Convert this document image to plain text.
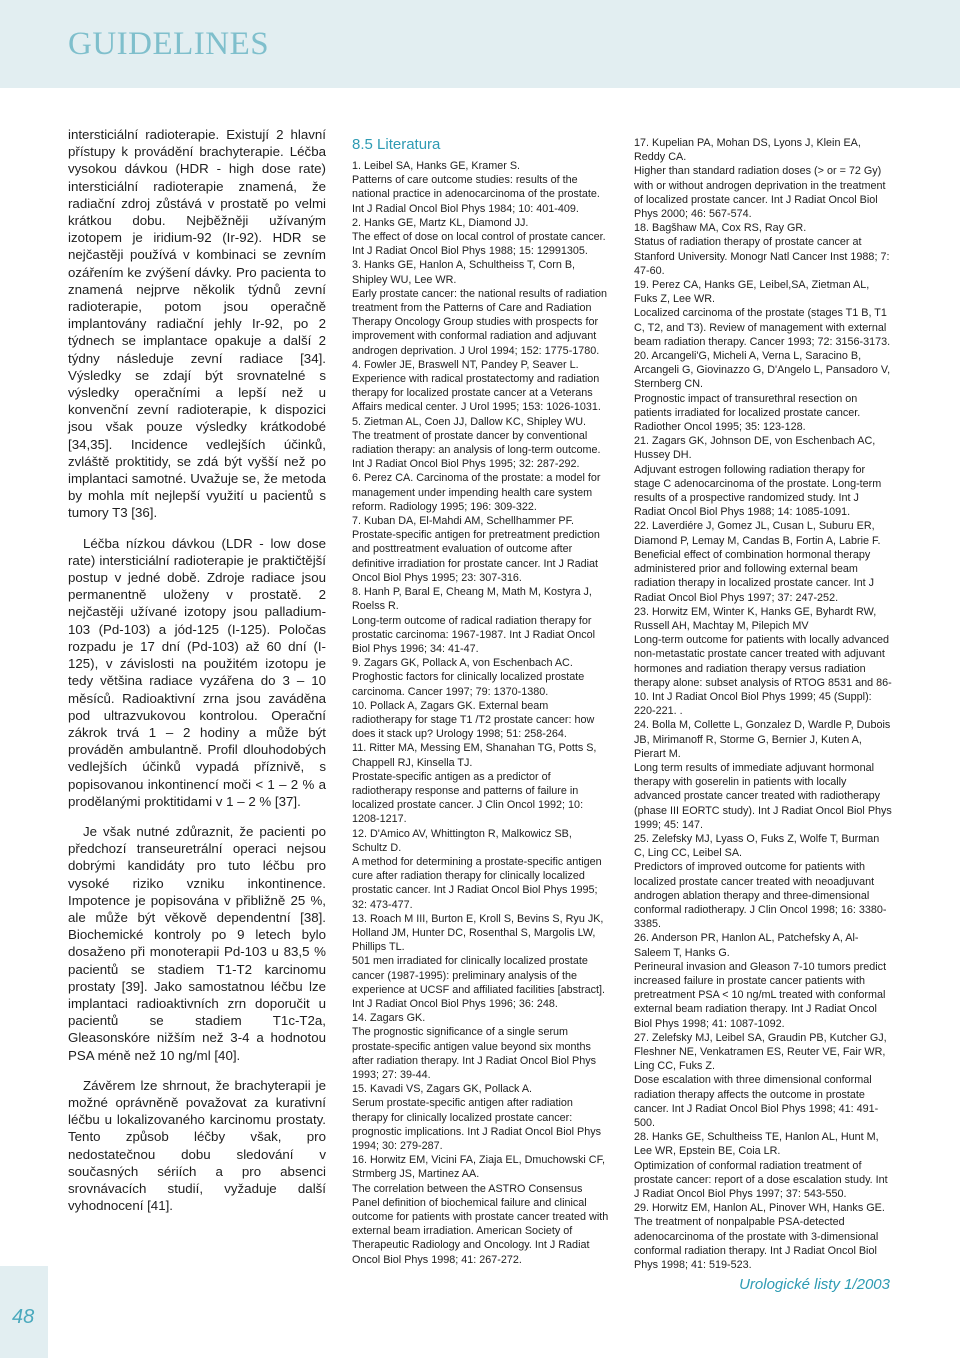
GUIDELINES

intersticiální radioterapie. Existují 2 hlavní přístupy k provádění brachyterapie. Léčba vysokou dávkou (HDR - high dose rate) intersticiální radioterapie znamená, že radiační zdroj zůstává v prostatě po velmi krátkou dobu. Nejběžněji užívaným izotopem je iridium-92 (Ir-92). HDR se nejčastěji používá v kombinaci se zevním ozářením ke zvýšení dávky. Pro pacienta to znamená nejprve několik týdnů zevní radioterapie, potom jsou operačně implantovány radiační jehly Ir-92, po 2 týdnech se implantace opakuje a další 2 týdny následuje zevní radiace [34]. Výsledky se zdají být srovnatelné s výsledky operačními a lepší než u konvenční zevní radioterapie, k dispozici jsou však pouze výsledky krátkodobé [34,35]. Incidence vedlejších účinků, zvláště proktitidy, se zdá být vyšší než po implantaci samotné. Uvažuje se, že metoda by mohla mít nejlepší využití u pacientů s tumory T3 [36].

Léčba nízkou dávkou (LDR - low dose rate) intersticiální radioterapie je praktičtější postup v jedné době. Zdroje radiace jsou permanentně uloženy v prostatě. 2 nejčastěji užívané izotopy jsou palladium-103 (Pd-103) a jód-125 (I-125). Poločas rozpadu je 17 dní (Pd-103) až 60 dní (I-125), v závislosti na použitém izotopu je tedy většina radiace vyzářena do 3 – 10 měsíců. Radioaktivní zrna jsou zaváděna pod ultrazvukovou kontrolou. Operační zákrok trvá 1 – 2 hodiny a může být prováděn ambulantně. Profil dlouhodobých vedlejších účinků vypadá příznivě, s popisovanou inkontinencí moči < 1 – 2 % a prodělanými proktitidami v 1 – 2 % [37].

Je však nutné zdůraznit, že pacienti po předchozí transeuretrální operaci nejsou dobrými kandidáty pro tuto léčbu pro vysoké riziko vzniku inkontinence. Impotence je popisována v přibližně 25 %, ale může být věkově dependentní [38]. Biochemické kontroly po 9 letech bylo dosaženo při monoterapii Pd-103 u 83,5 % pacientů se stadiem T1-T2 karcinomu prostaty [39]. Jako samostatnou léčbu lze implantaci radioaktivních zrn doporučit u pacientů se stadiem T1c-T2a, Gleasonskóre nižším než 3-4 a hodnotou PSA méně než 10 ng/ml [40].

Závěrem lze shrnout, že brachyterapii je možné oprávněně považovat za kurativní léčbu u lokalizovaného karcinomu prostaty. Tento způsob léčby však, pro nedostatečnou dobu sledování v současných sériích a pro absenci srovnávacích studií, vyžaduje další vyhodnocení [41].

8.5 Literatura
1. Leibel SA, Hanks GE, Kramer S.
Patterns of care outcome studies: results of the national practice in adenocarcinoma of the prostate. Int J Radial Oncol Biol Phys 1984; 10: 401-409.
2. Hanks GE, Martz KL, Diamond JJ.
The effect of dose on local control of prostate cancer. Int J Radiat Oncol Biol Phys 1988; 15: 12991305.
3. Hanks GE, Hanlon A, Schultheiss T, Corn B, Shipley WU, Lee WR.
Early prostate cancer: the national results of radiation treatment from the Patterns of Care and Radiation Therapy Oncology Group studies with prospects for improvement with conformal radiation and adjuvant androgen deprivation. J Urol 1994; 152: 1775-1780.
4. Fowler JE, Braswell NT, Pandey P, Seaver L.
Experience with radical prostatectomy and radiation therapy for localized prostate cancer at a Veterans Affairs medical center. J Urol 1995; 153: 1026-1031.
5. Zietman AL, Coen JJ, Dallow KC, Shipley WU.
The treatment of prostate dancer by conventional radiation therapy: an analysis of long-term outcome. Int J Radiat Oncol Biol Phys 1995; 32: 287-292.
6. Perez CA. Carcinoma of the prostate: a model for management under impending health care system reform. Radiology 1995; 196: 309-322.
7. Kuban DA, El-Mahdi AM, Schellhammer PF.
Prostate-specific antigen for pretreatment prediction and posttreatment evaluation of outcome after definitive irradiation for prostate cancer. Int J Radiat Oncol Biol Phys 1995; 23: 307-316.
8. Hanh P, Baral E, Cheang M, Math M, Kostyra J, Roelss R.
Long-term outcome of radical radiation therapy for prostatic carcinoma: 1967-1987. Int J Radiat Oncol Biol Phys 1996; 34: 41-47.
9. Zagars GK, Pollack A, von Eschenbach AC.
Proghostic factors for clinically localized prostate carcinoma. Cancer 1997; 79: 1370-1380.
10. Pollack A, Zagars GK. External beam radiotherapy for stage T1 /T2 prostate cancer: how does it stack up? Urology 1998; 51: 258-264.
11. Ritter MA, Messing EM, Shanahan TG, Potts S, Chappell RJ, Kinsella TJ.
Prostate-specific antigen as a predictor of radiotherapy response and patterns of failure in localized prostate cancer. J Clin Oncol 1992; 10: 1208-1217.
12. D'Amico AV, Whittington R, Malkowicz SB, Schultz D.
A method for determining a prostate-specific antigen cure after radiation therapy for clinically localized prostatic cancer. Int J Radiat Oncol Biol Phys 1995; 32: 473-477.
13. Roach M III, Burton E, Kroll S, Bevins S, Ryu JK, Holland JM, Hunter DC, Rosenthal S, Margolis LW, Phillips TL.
501 men irradiated for clinically localized prostate cancer (1987-1995): preliminary analysis of the experience at UCSF and affiliated facilities [abstract]. Int J Radiat Oncol Biol Phys 1996; 36: 248.
14. Zagars GK.
The prognostic significance of a single serum prostate-specific antigen value beyond six months after radiation therapy. Int J Radiat Oncol Biol Phys 1993; 27: 39-44.
15. Kavadi VS, Zagars GK, Pollack A.
Serum prostate-specific antigen after radiation therapy for clinically localized prostate cancer: prognostic implications. Int J Radiat Oncol Biol Phys 1994; 30: 279-287.
16. Horwitz EM, Vicini FA, Ziaja EL, Dmuchowski CF, Strmberg JS, Martinez AA.
The correlation between the ASTRO Consensus Panel definition of biochemical failure and clinical outcome for patients with prostate cancer treated with external beam irradiation. American Society of Therapeutic Radiology and Oncology. Int J Radiat Oncol Biol Phys 1998; 41: 267-272.
17. Kupelian PA, Mohan DS, Lyons J, Klein EA, Reddy CA.
Higher than standard radiation doses (> or = 72 Gy) with or without androgen deprivation in the treatment of localized prostate cancer. Int J Radiat Oncol Biol Phys 2000; 46: 567-574.
18. Bagšhaw MA, Cox RS, Ray GR.
Status of radiation therapy of prostate cancer at Stanford University. Monogr Natl Cancer Inst 1988; 7: 47-60.
19. Perez CA, Hanks GE, Leibel,SA, Zietman AL, Fuks Z, Lee WR.
Localized carcinoma of the prostate (stages T1 B, T1 C, T2, and T3). Review of management with external beam radiation therapy. Cancer 1993; 72: 3156-3173.
20. Arcangeli'G, Micheli A, Verna L, Saracino B, Arcangeli G, Giovinazzo G, D'Angelo L, Pansadoro V, Sternberg CN.
Prognostic impact of transurethral resection on patients irradiated for localized prostate cancer. Radiother Oncol 1995; 35: 123-128.
21. Zagars GK, Johnson DE, von Eschenbach AC, Hussey DH.
Adjuvant estrogen following radiation therapy for stage C adenocarcinoma of the prostate. Long-term results of a prospective randomized study. Int J Radiat Oncol Biol Phys 1988; 14: 1085-1091.
22. Laverdiére J, Gomez JL, Cusan L, Suburu ER, Diamond P, Lemay M, Candas B, Fortin A, Labrie F.
Beneficial effect of combination hormonal therapy administered prior and following external beam radiation therapy in localized prostate cancer. Int J Radiat Oncol Biol Phys 1997; 37: 247-252.
23. Horwitz EM, Winter K, Hanks GE, Byhardt RW, Russell AH, Machtay M, Pilepich MV
Long-term outcome for patients with locally advanced non-metastatic prostate cancer treated with adjuvant hormones and radiation therapy versus radiation therapy alone: subset analysis of RTOG 8531 and 86-10. Int J Radiat Oncol Biol Phys 1999; 45 (Suppl): 220-221. .
24. Bolla M, Collette L, Gonzalez D, Wardle P, Dubois JB, Mirimanoff R, Storme G, Bernier J, Kuten A, Pierart M.
Long term results of immediate adjuvant hormonal therapy with goserelin in patients with locally advanced prostate cancer treated with radiotherapy (phase III EORTC study). Int J Radiat Oncol Biol Phys 1999; 45: 147.
25. Zelefsky MJ, Lyass O, Fuks Z, Wolfe T, Burman C, Ling CC, Leibel SA.
Predictors of improved outcome for patients with localized prostate cancer treated with neoadjuvant androgen ablation therapy and three-dimensional conformal radiotherapy. J Clin Oncol 1998; 16: 3380-3385.
26. Anderson PR, Hanlon AL, Patchefsky A, Al-Saleem T, Hanks G.
Perineural invasion and Gleason 7-10 tumors predict increased failure in prostate cancer patients with pretreatment PSA < 10 ng/mL treated with conformal external beam radiation therapy. Int J Radiat Oncol Biol Phys 1998; 41: 1087-1092.
27. Zelefsky MJ, Leibel SA, Graudin PB, Kutcher GJ, Fleshner NE, Venkatramen ES, Reuter VE, Fair WR, Ling CC, Fuks Z.
Dose escalation with three dimensional conformal radiation therapy affects the outcome in prostate cancer. Int J Radiat Oncol Biol Phys 1998; 41: 491-500.
28. Hanks GE, Schultheiss TE, Hanlon AL, Hunt M, Lee WR, Epstein BE, Coia LR.
Optimization of conformal radiation treatment of prostate cancer: report of a dose escalation study. Int J Radiat Oncol Biol Phys 1997; 37: 543-550.
29. Horwitz EM, Hanlon AL, Pinover WH, Hanks GE.
The treatment of nonpalpable PSA-detected adenocarcinoma of the prostate with 3-dimensional conformal radiation therapy. Int J Radiat Oncol Biol Phys 1998; 41: 519-523.
48
Urologické listy 1/2003
